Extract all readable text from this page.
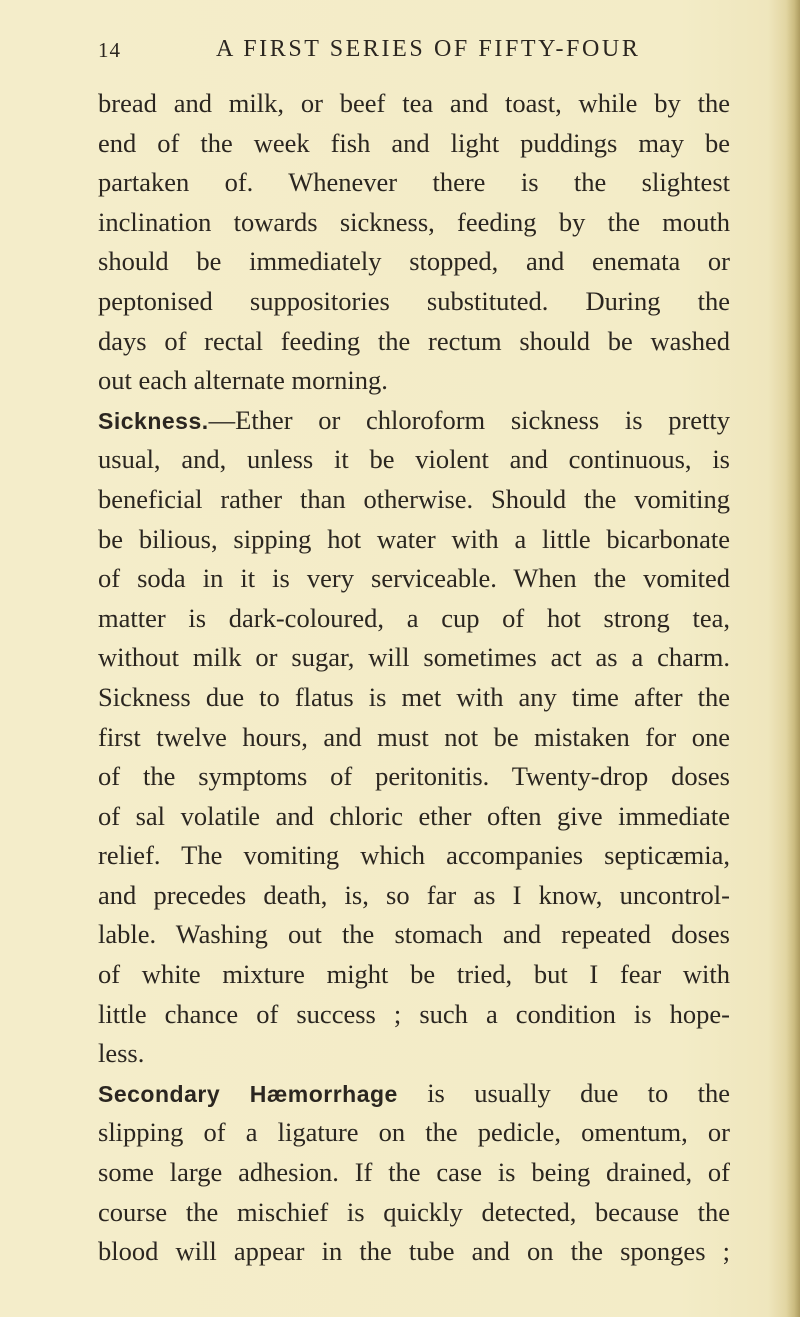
14	A FIRST SERIES OF FIFTY-FOUR
bread and milk, or beef tea and toast, while by the
end of the week fish and light puddings may be
partaken of. Whenever there is the slightest
inclination towards sickness, feeding by the mouth
should be immediately stopped, and enemata or
peptonised suppositories substituted. During the
days of rectal feeding the rectum should be washed
out each alternate morning.
Sickness.—Ether or chloroform sickness is pretty
usual, and, unless it be violent and continuous, is
beneficial rather than otherwise. Should the vomiting
be bilious, sipping hot water with a little bicarbonate
of soda in it is very serviceable. When the vomited
matter is dark-coloured, a cup of hot strong tea,
without milk or sugar, will sometimes act as a charm.
Sickness due to flatus is met with any time after the
first twelve hours, and must not be mistaken for one
of the symptoms of peritonitis. Twenty-drop doses
of sal volatile and chloric ether often give immediate
relief. The vomiting which accompanies septicæmia,
and precedes death, is, so far as I know, uncontrol-
lable. Washing out the stomach and repeated doses
of white mixture might be tried, but I fear with
little chance of success ; such a condition is hope-
less.
Secondary Hæmorrhage is usually due to the
slipping of a ligature on the pedicle, omentum, or
some large adhesion. If the case is being drained, of
course the mischief is quickly detected, because the
blood will appear in the tube and on the sponges ;
